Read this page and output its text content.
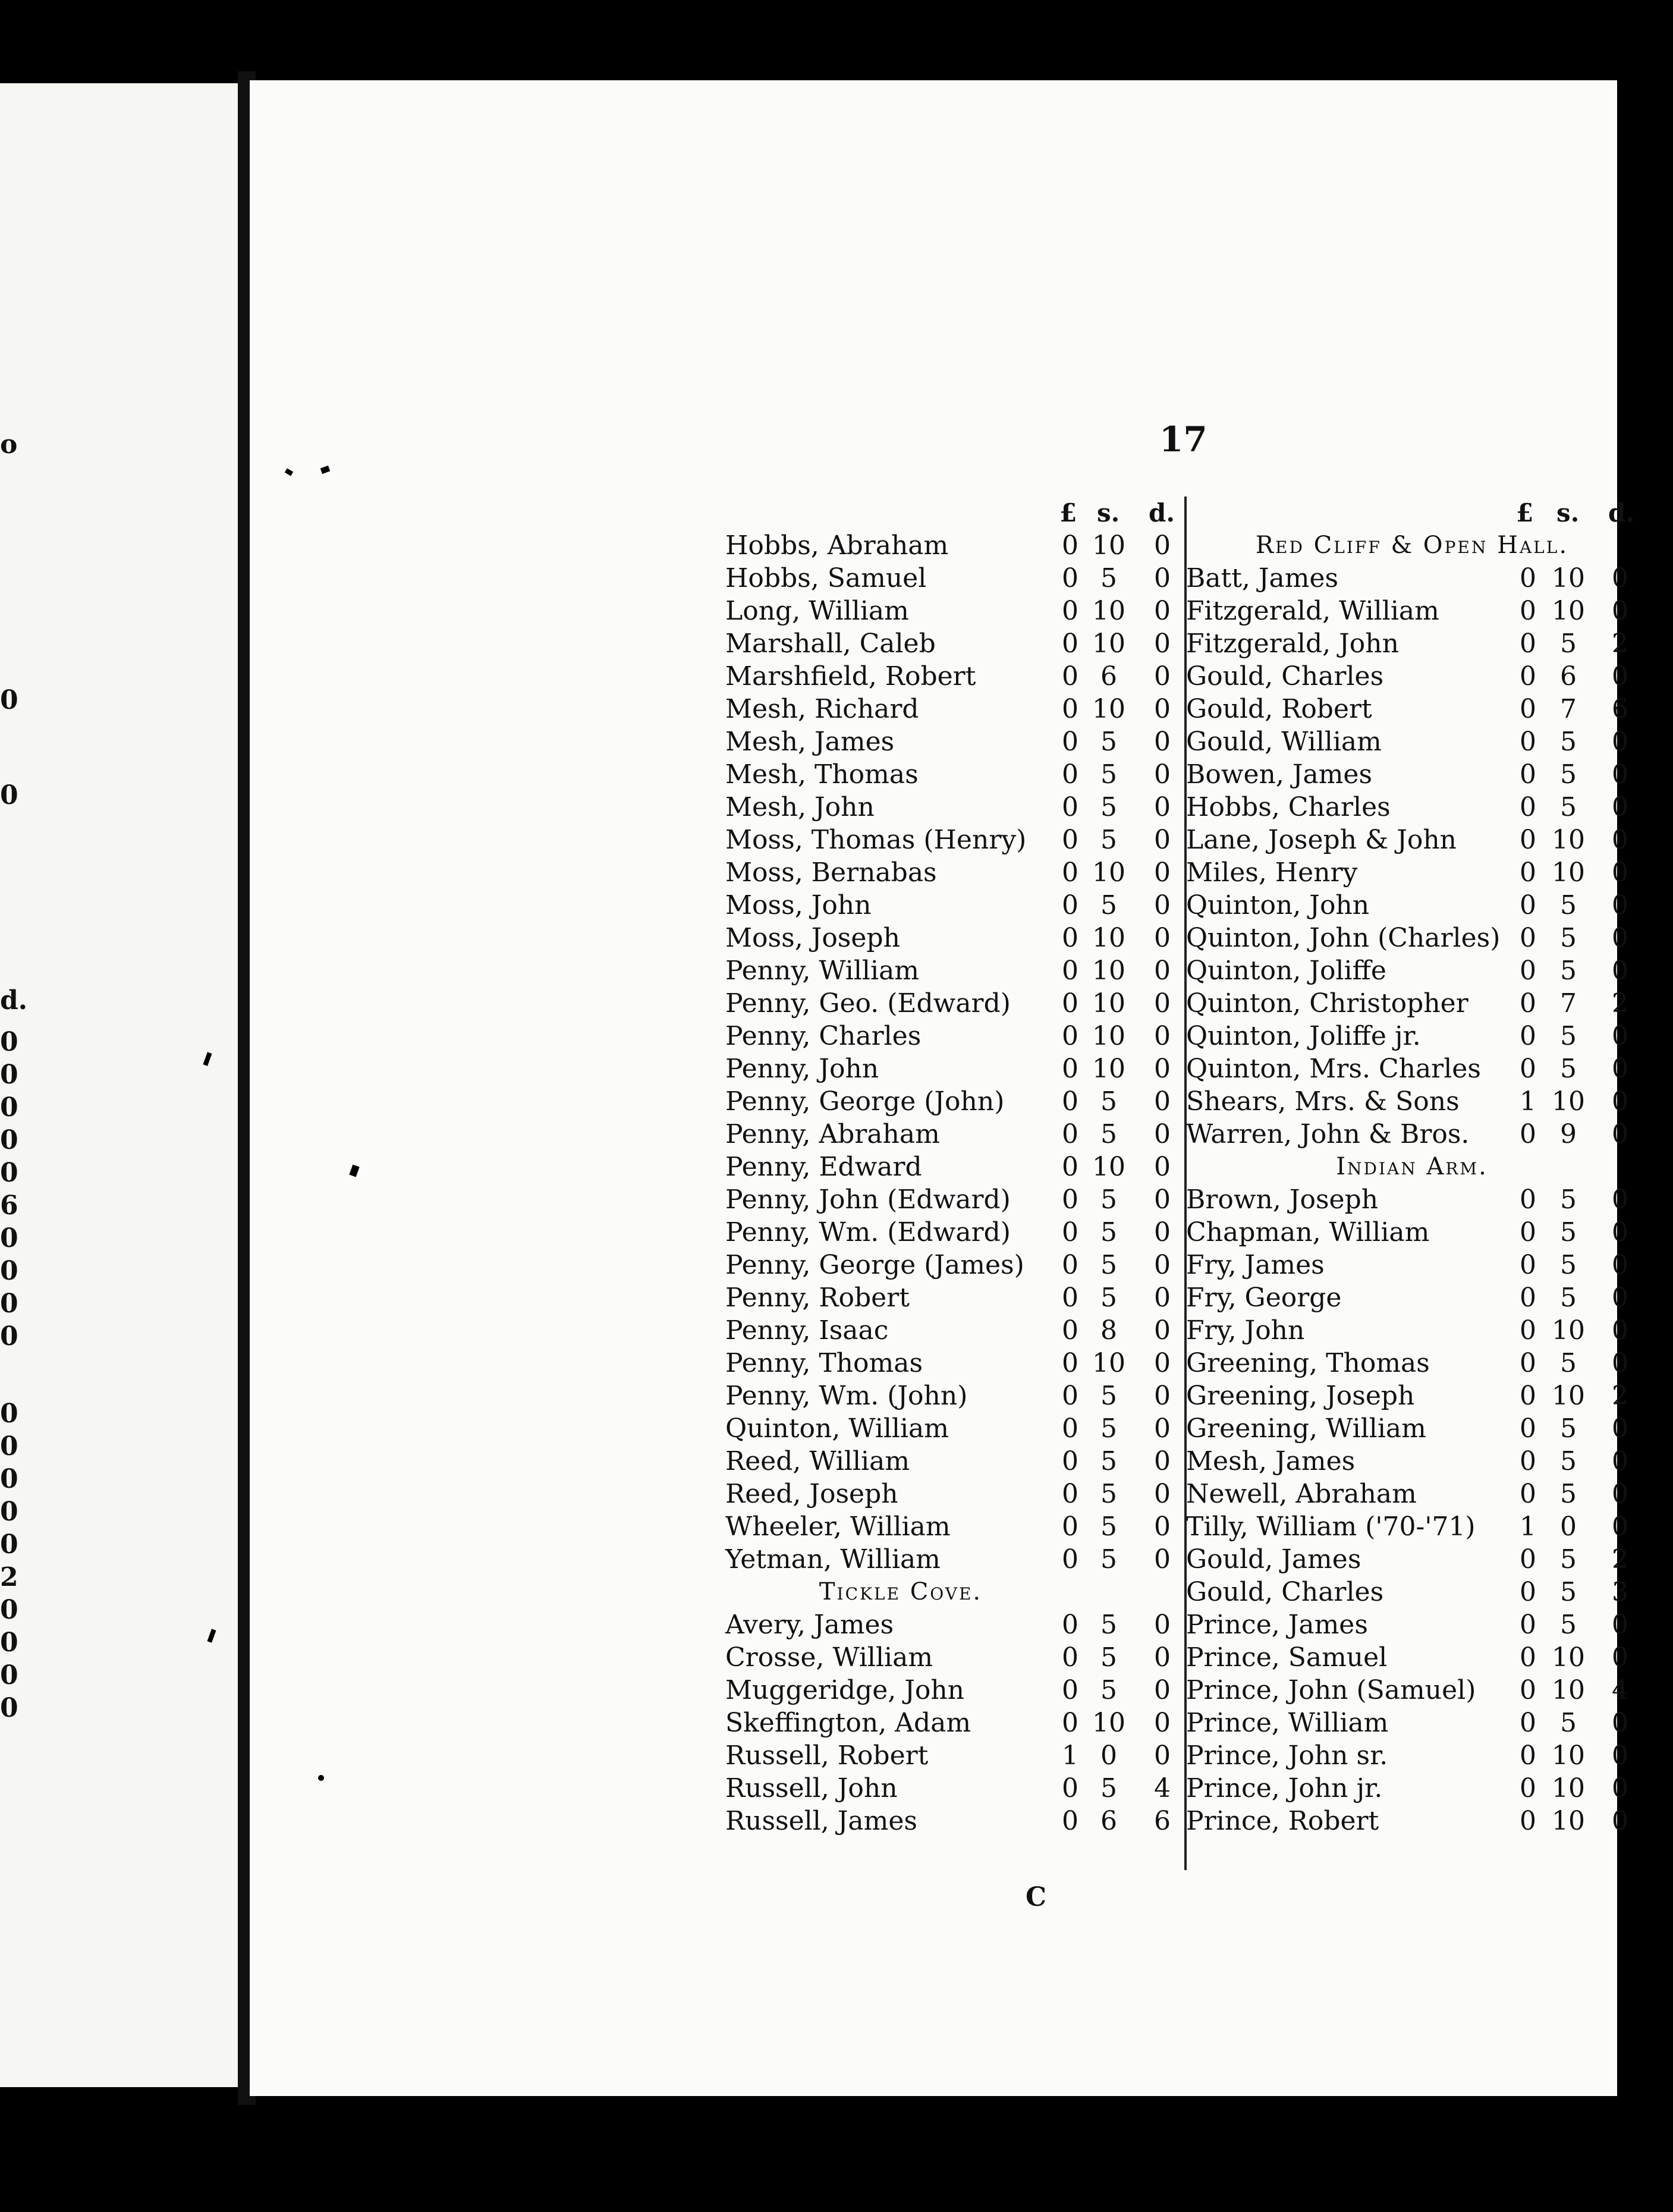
o
0
0
d.
0
0
0
0
0
6
0
0
0
0
0
0
0
0
0
2
0
0
0
0
17
£ s. d.
Hobbs, Abraham	0 10 0
Hobbs, Samuel	0 5	0
Long, William	0 10 0
Marshall, Caleb	0 10 0
Marshfield, Robert	0 6	0
Mesh, Richard	0 10 0
Mesh, James	0 5	0
Mesh, Thomas	0 5	0
Mesh, John	0 5	0
Moss, Thomas (Henry) 0 5	0
Moss, Bernabas	0 10 0
Moss, John	0 5	0
Moss, Joseph	0 10 0
Penny, William	0 10 0
Penny, Geo. (Edward) 0 10 0
Penny, Charles	0 10 0
Penny, John	0 10 0
Penny, George (John) 0 5	0
Penny, Abraham	0 5	0
Penny, Edward	0 10 0
Penny, John (Edward) 0 5	0
Penny, Wm. (Edward) 0 5	0
Penny, George (James) 0 5	0
Penny, Robert	0 5	0
Penny, Isaac	0 8	0
Penny, Thomas	0 10 0
Penny, Wm. (John)	0 5	0
Quinton, William	0 5	0
Reed, William	0 5	0
Reed, Joseph	0 5	0
Wheeler, William	0 5	0
Yetman, William	0 5	0
Tickle Cove.
Avery, James	0 5	0
Crosse, William	0 5	0
Muggeridge, John	0 5	0
Skeffington, Adam	0 10 0
Russell, Robert	1 0	0
Russell, John	0 5	4
Russell, James	0 6	6
£ s. d.
Red Cliff & Open Hall.
Batt, James	0 10 0
Fitzgerald, William	0 10 0
Fitzgerald, John	0 5	2
Gould, Charles	0 6	0
Gould, Robert	0 7	6
Gould, William	0 5	0
Bowen, James	0 5	0
Hobbs, Charles	0 5	0
Lane, Joseph & John 0 10 0
Miles, Henry	0 10 0
Quinton, John	0 5	0
Quinton, John (Charles) 0 5	0
Quinton, Joliffe	0 5	0
Quinton, Christopher 0 7	2
Quinton, Joliffe jr.	0 5	0
Quinton, Mrs. Charles 0 5	0
Shears, Mrs. & Sons 1 10 0
Warren, John & Bros. 0 9	0
Indian Arm.
Brown, Joseph	0 5	0
Chapman, William	0 5	0
Fry, James	0 5	0
Fry, George	0 5	0
Fry, John	0 10 0
Greening, Thomas	0 5	0
Greening, Joseph	0 10 2
Greening, William	0 5	0
Mesh, James	0 5	0
Newell, Abraham	0 5	0
Tilly, William ('70-'71) 1 0	0
Gould, James	0 5	2
Gould, Charles	0 5	3
Prince, James	0 5	0
Prince, Samuel	0 10 0
Prince, John (Samuel) 0 10 4
Prince, William	0 5	0
Prince, John sr.	0 10 0
Prince, John jr.	0 10 0
Prince, Robert	0 10 0
C
